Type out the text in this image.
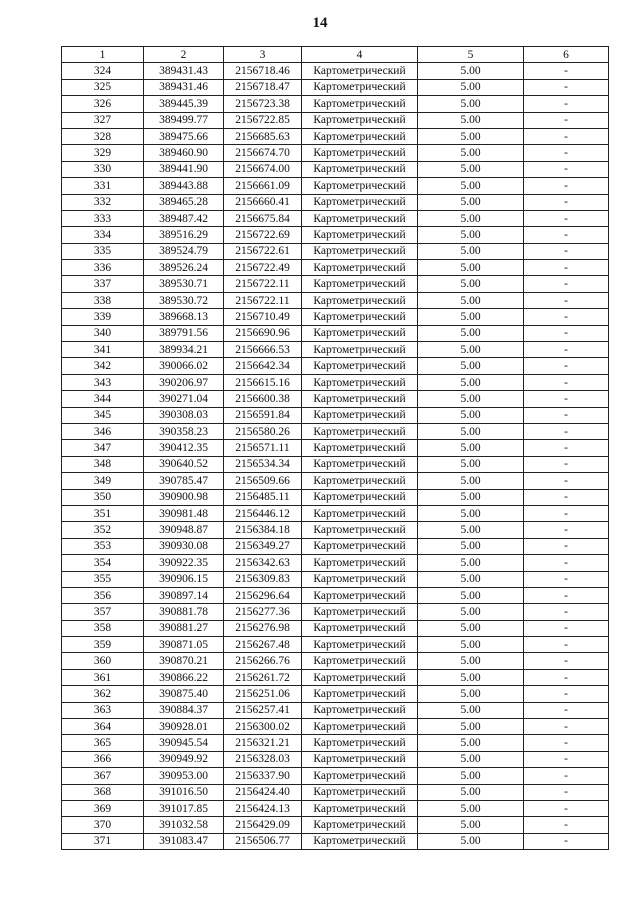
14
1	2	3	4	5	6
324	389431.43	2156718.46	Картометрический	5.00	-
325	389431.46	2156718.47	Картометрический	5.00	-
326	389445.39	2156723.38	Картометрический	5.00	-
327	389499.77	2156722.85	Картометрический	5.00	-
328	389475.66	2156685.63	Картометрический	5.00	-
329	389460.90	2156674.70	Картометрический	5.00	-
330	389441.90	2156674.00	Картометрический	5.00	-
331	389443.88	2156661.09	Картометрический	5.00	-
332	389465.28	2156660.41	Картометрический	5.00	-
333	389487.42	2156675.84	Картометрический	5.00	-
334	389516.29	2156722.69	Картометрический	5.00	-
335	389524.79	2156722.61	Картометрический	5.00	-
336	389526.24	2156722.49	Картометрический	5.00	-
337	389530.71	2156722.11	Картометрический	5.00	-
338	389530.72	2156722.11	Картометрический	5.00	-
339	389668.13	2156710.49	Картометрический	5.00	-
340	389791.56	2156690.96	Картометрический	5.00	-
341	389934.21	2156666.53	Картометрический	5.00	-
342	390066.02	2156642.34	Картометрический	5.00	-
343	390206.97	2156615.16	Картометрический	5.00	-
344	390271.04	2156600.38	Картометрический	5.00	-
345	390308.03	2156591.84	Картометрический	5.00	-
346	390358.23	2156580.26	Картометрический	5.00	-
347	390412.35	2156571.11	Картометрический	5.00	-
348	390640.52	2156534.34	Картометрический	5.00	-
349	390785.47	2156509.66	Картометрический	5.00	-
350	390900.98	2156485.11	Картометрический	5.00	-
351	390981.48	2156446.12	Картометрический	5.00	-
352	390948.87	2156384.18	Картометрический	5.00	-
353	390930.08	2156349.27	Картометрический	5.00	-
354	390922.35	2156342.63	Картометрический	5.00	-
355	390906.15	2156309.83	Картометрический	5.00	-
356	390897.14	2156296.64	Картометрический	5.00	-
357	390881.78	2156277.36	Картометрический	5.00	-
358	390881.27	2156276.98	Картометрический	5.00	-
359	390871.05	2156267.48	Картометрический	5.00	-
360	390870.21	2156266.76	Картометрический	5.00	-
361	390866.22	2156261.72	Картометрический	5.00	-
362	390875.40	2156251.06	Картометрический	5.00	-
363	390884.37	2156257.41	Картометрический	5.00	-
364	390928.01	2156300.02	Картометрический	5.00	-
365	390945.54	2156321.21	Картометрический	5.00	-
366	390949.92	2156328.03	Картометрический	5.00	-
367	390953.00	2156337.90	Картометрический	5.00	-
368	391016.50	2156424.40	Картометрический	5.00	-
369	391017.85	2156424.13	Картометрический	5.00	-
370	391032.58	2156429.09	Картометрический	5.00	-
371	391083.47	2156506.77	Картометрический	5.00	-
